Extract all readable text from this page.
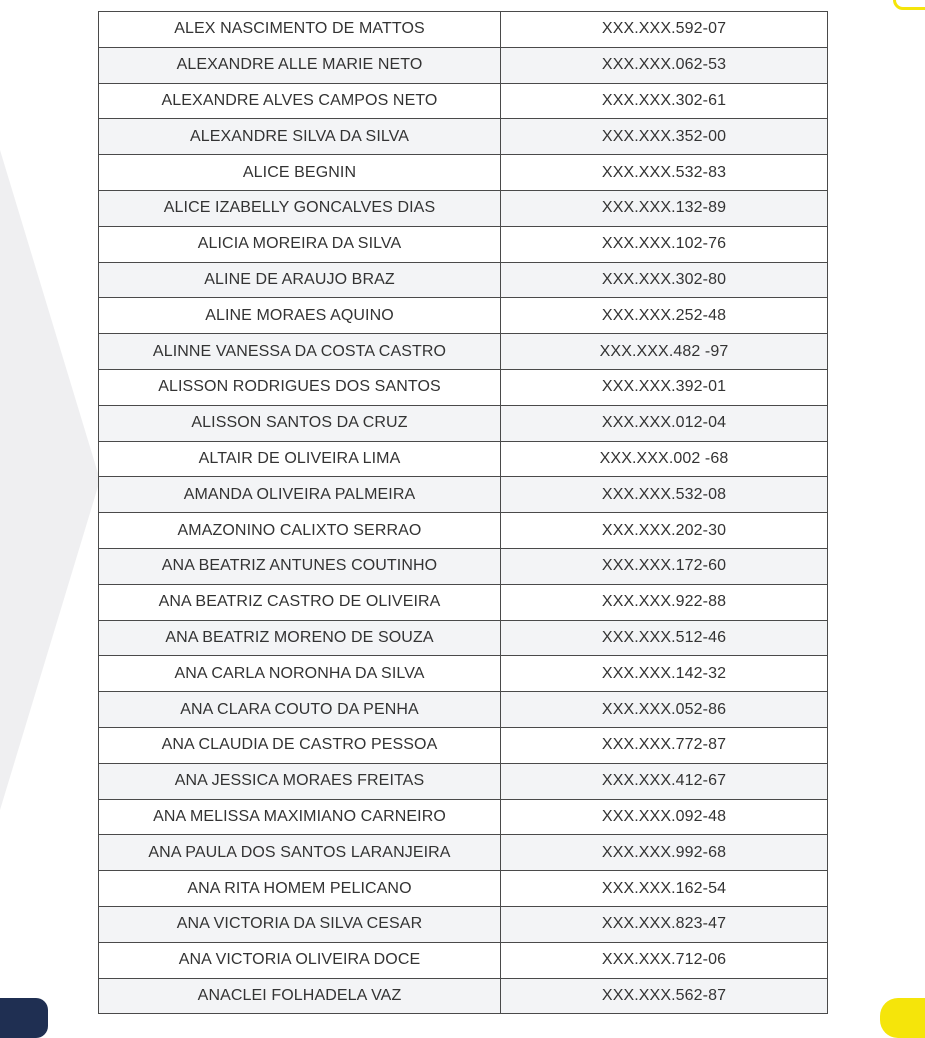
ALEX NASCIMENTO DE MATTOS	XXX.XXX.592-07
ALEXANDRE ALLE MARIE NETO	XXX.XXX.062-53
ALEXANDRE ALVES CAMPOS NETO	XXX.XXX.302-61
ALEXANDRE SILVA DA SILVA	XXX.XXX.352-00
ALICE BEGNIN	XXX.XXX.532-83
ALICE IZABELLY GONCALVES DIAS	XXX.XXX.132-89
ALICIA MOREIRA DA SILVA	XXX.XXX.102-76
ALINE DE ARAUJO BRAZ	XXX.XXX.302-80
ALINE MORAES AQUINO	XXX.XXX.252-48
ALINNE VANESSA DA COSTA CASTRO	XXX.XXX.482 -97
ALISSON RODRIGUES DOS SANTOS	XXX.XXX.392-01
ALISSON SANTOS DA CRUZ	XXX.XXX.012-04
ALTAIR DE OLIVEIRA LIMA	XXX.XXX.002 -68
AMANDA OLIVEIRA PALMEIRA	XXX.XXX.532-08
AMAZONINO CALIXTO SERRAO	XXX.XXX.202-30
ANA BEATRIZ ANTUNES COUTINHO	XXX.XXX.172-60
ANA BEATRIZ CASTRO DE OLIVEIRA	XXX.XXX.922-88
ANA BEATRIZ MORENO DE SOUZA	XXX.XXX.512-46
ANA CARLA NORONHA DA SILVA	XXX.XXX.142-32
ANA CLARA COUTO DA PENHA	XXX.XXX.052-86
ANA CLAUDIA DE CASTRO PESSOA	XXX.XXX.772-87
ANA JESSICA MORAES FREITAS	XXX.XXX.412-67
ANA MELISSA MAXIMIANO CARNEIRO	XXX.XXX.092-48
ANA PAULA DOS SANTOS LARANJEIRA	XXX.XXX.992-68
ANA RITA HOMEM PELICANO	XXX.XXX.162-54
ANA VICTORIA DA SILVA CESAR	XXX.XXX.823-47
ANA VICTORIA OLIVEIRA DOCE	XXX.XXX.712-06
ANACLEI FOLHADELA VAZ	XXX.XXX.562-87
